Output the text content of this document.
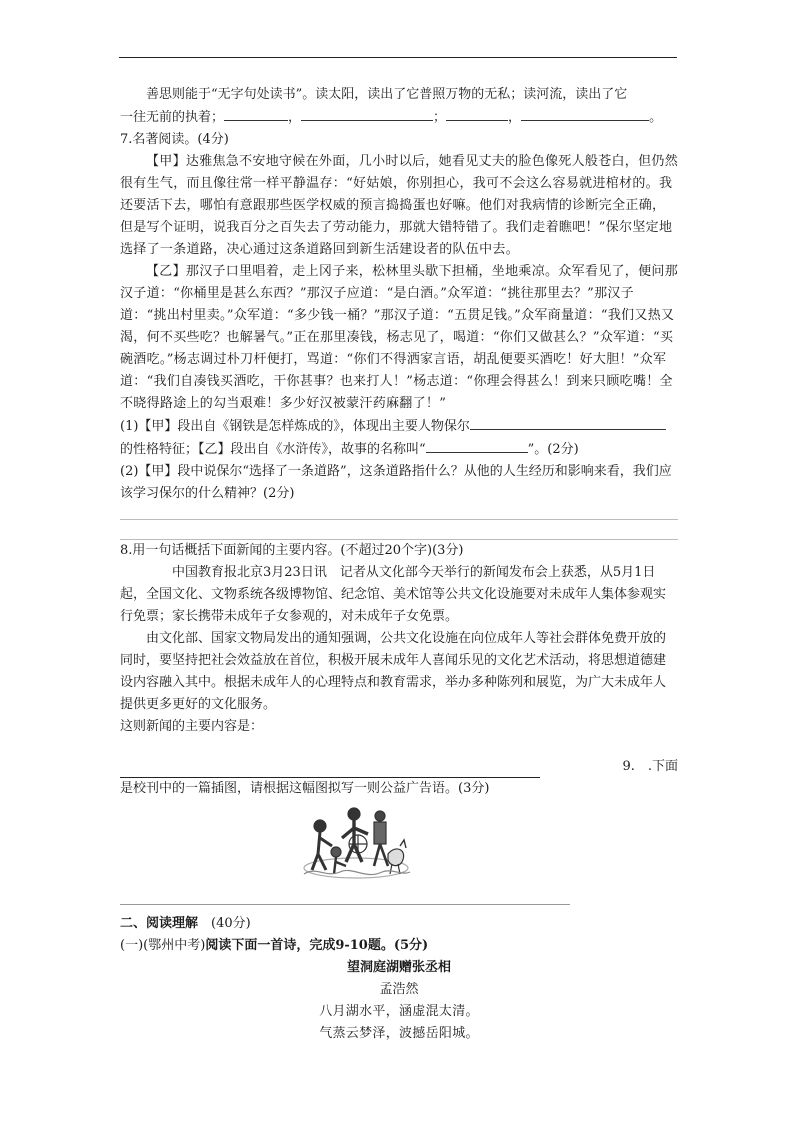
善思则能于“无字句处读书”。读太阳，读出了它普照万物的无私；读河流，读出了它

一往无前的执着；	，	；	，	。

7.名著阅读。(4分)

【甲】达雅焦急不安地守候在外面，几小时以后，她看见丈夫的脸色像死人般苍白，但仍然很有生气，而且像往常一样平静温存：“好姑娘，你别担心，我可不会这么容易就进棺材的。我还要活下去，哪怕有意跟那些医学权威的预言捣捣蛋也好嘛。他们对我病情的诊断完全正确，但是写个证明，说我百分之百失去了劳动能力，那就大错特错了。我们走着瞧吧！”保尔坚定地选择了一条道路，决心通过这条道路回到新生活建设者的队伍中去。

【乙】那汉子口里唱着，走上冈子来，松林里头歇下担桶，坐地乘凉。众军看见了，便问那汉子道：“你桶里是甚么东西？”那汉子应道：“是白酒。”众军道：“挑往那里去？”那汉子道：“挑出村里卖。”众军道：“多少钱一桶？”那汉子道：“五贯足钱。”众军商量道：“我们又热又渴，何不买些吃？也解暑气。”正在那里凑钱，杨志见了，喝道：“你们又做甚么？”众军道：“买碗酒吃。”杨志调过朴刀杆便打，骂道：“你们不得洒家言语，胡乱便要买酒吃！好大胆！”众军道：“我们自凑钱买酒吃，干你甚事？也来打人！”杨志道：“你理会得甚么！到来只顾吃嘴！全不晓得路途上的勾当艰难！多少好汉被蒙汗药麻翻了！”

(1)【甲】段出自《钢铁是怎样炼成的》，体现出主要人物保尔
的性格特征；【乙】段出自《水浒传》，故事的名称叫“	”。(2分)

(2)【甲】段中说保尔“选择了一条道路”，这条道路指什么？从他的人生经历和影响来看，我们应该学习保尔的什么精神？(2分)

8.用一句话概括下面新闻的主要内容。(不超过20个字)(3分)

中国教育报北京3月23日讯　记者从文化部今天举行的新闻发布会上获悉，从5月1日起，全国文化、文物系统各级博物馆、纪念馆、美术馆等公共文化设施要对未成年人集体参观实行免票；家长携带未成年子女参观的，对未成年子女免票。

由文化部、国家文物局发出的通知强调，公共文化设施在向位成年人等社会群体免费开放的同时，要坚持把社会效益放在首位，积极开展未成年人喜闻乐见的文化艺术活动，将思想道德建设内容融入其中。根据未成年人的心理特点和教育需求，举办多种陈列和展览，为广大未成年人提供更多更好的文化服务。

这则新闻的主要内容是：

9.　.下面

是校刊中的一篇插图，请根据这幅图拟写一则公益广告语。(3分)

二、阅读理解　 (40分)

(一)(鄂州中考)阅读下面一首诗，完成9-10题。(5分)

望洞庭湖赠张丞相

孟浩然

八月湖水平，涵虚混太清。

气蒸云梦泽，波撼岳阳城。
